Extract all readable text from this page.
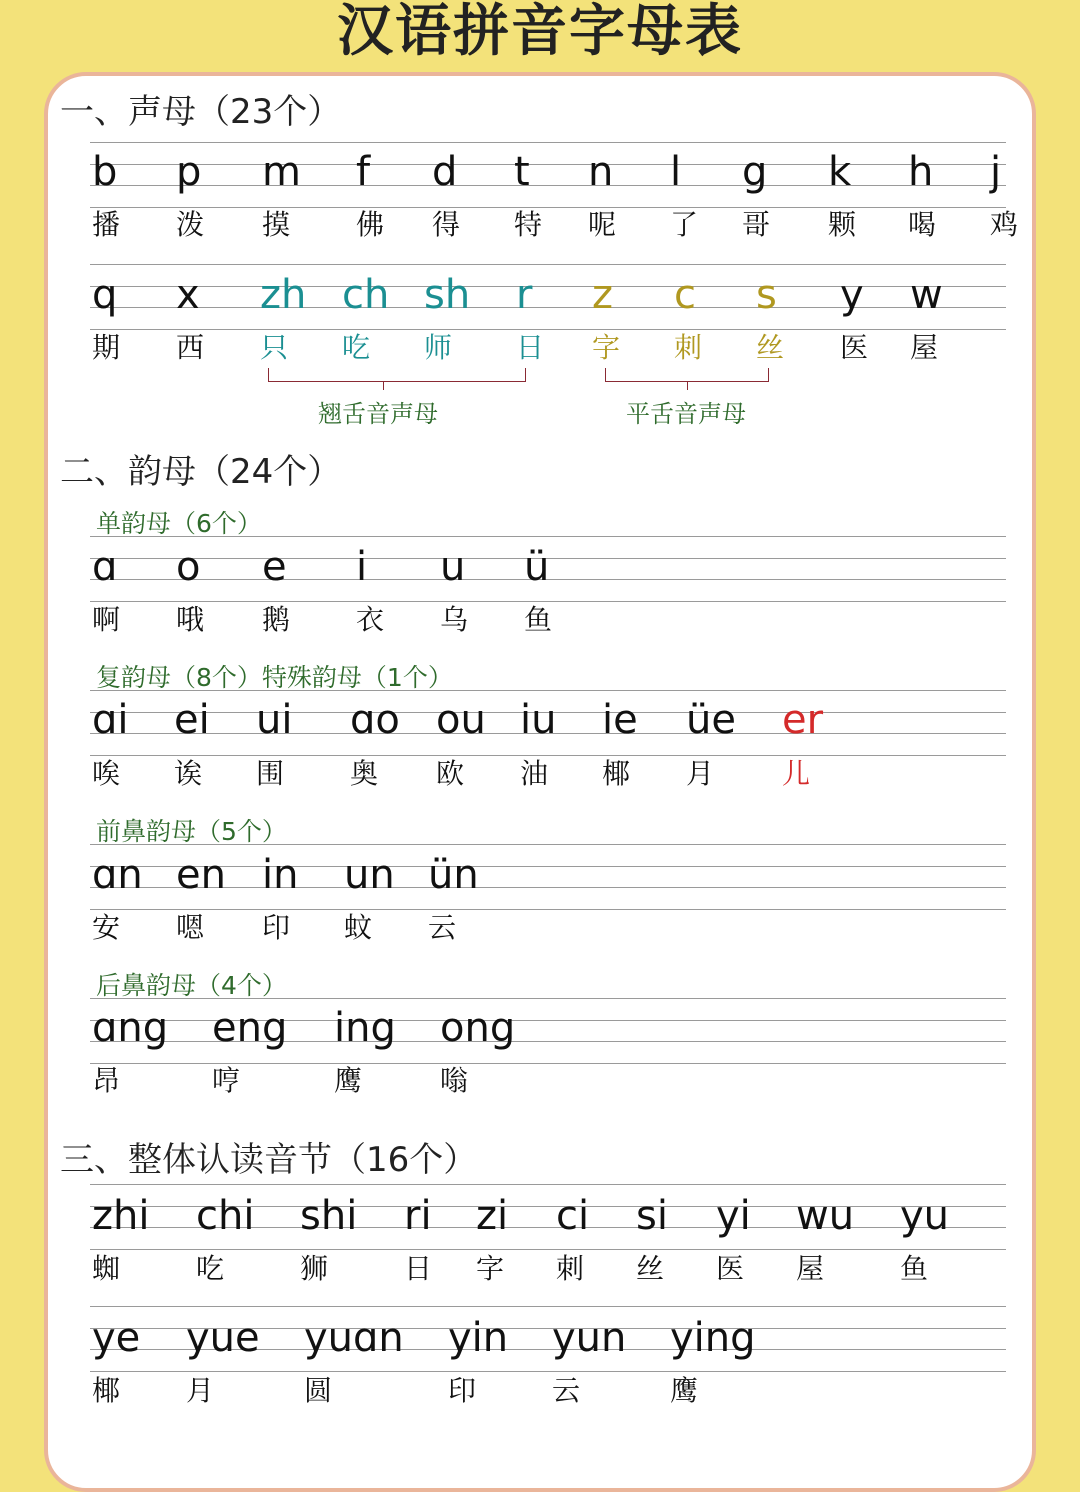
汉语拼音字母表
一、声母（23个）
二、韵母（24个）
三、整体认读音节（16个）
单韵母（6个）
复韵母（8个）特殊韵母（1个）
前鼻韵母（5个）
后鼻韵母（4个）
翘舌音声母	平舌音声母
b
播
p
泼
m
摸
f
佛
d
得
t
特
n
呢
l
了
g
哥
k
颗
h
喝
j
鸡
q
期
x
西
zh
只
ch
吃
sh
师
r
日
z
字
c
刺
s
丝
y
医
w
屋
ɑ
啊
o
哦
e
鹅
i
衣
u
乌
ü
鱼
ɑi
唉
ei
诶
ui
围
ɑo
奥
ou
欧
iu
油
ie
椰
üe
月
er
儿
ɑn
安
en
嗯
in
印
un
蚊
ün
云
ɑng
昂
eng
哼
ing
鹰
ong
嗡
zhi
蜘
chi
吃
shi
狮
ri
日
zi
字
ci
刺
si
丝
yi
医
wu
屋
yu
鱼
ye
椰
yue
月
yuɑn
圆
yin
印
yun
云
ying
鹰
